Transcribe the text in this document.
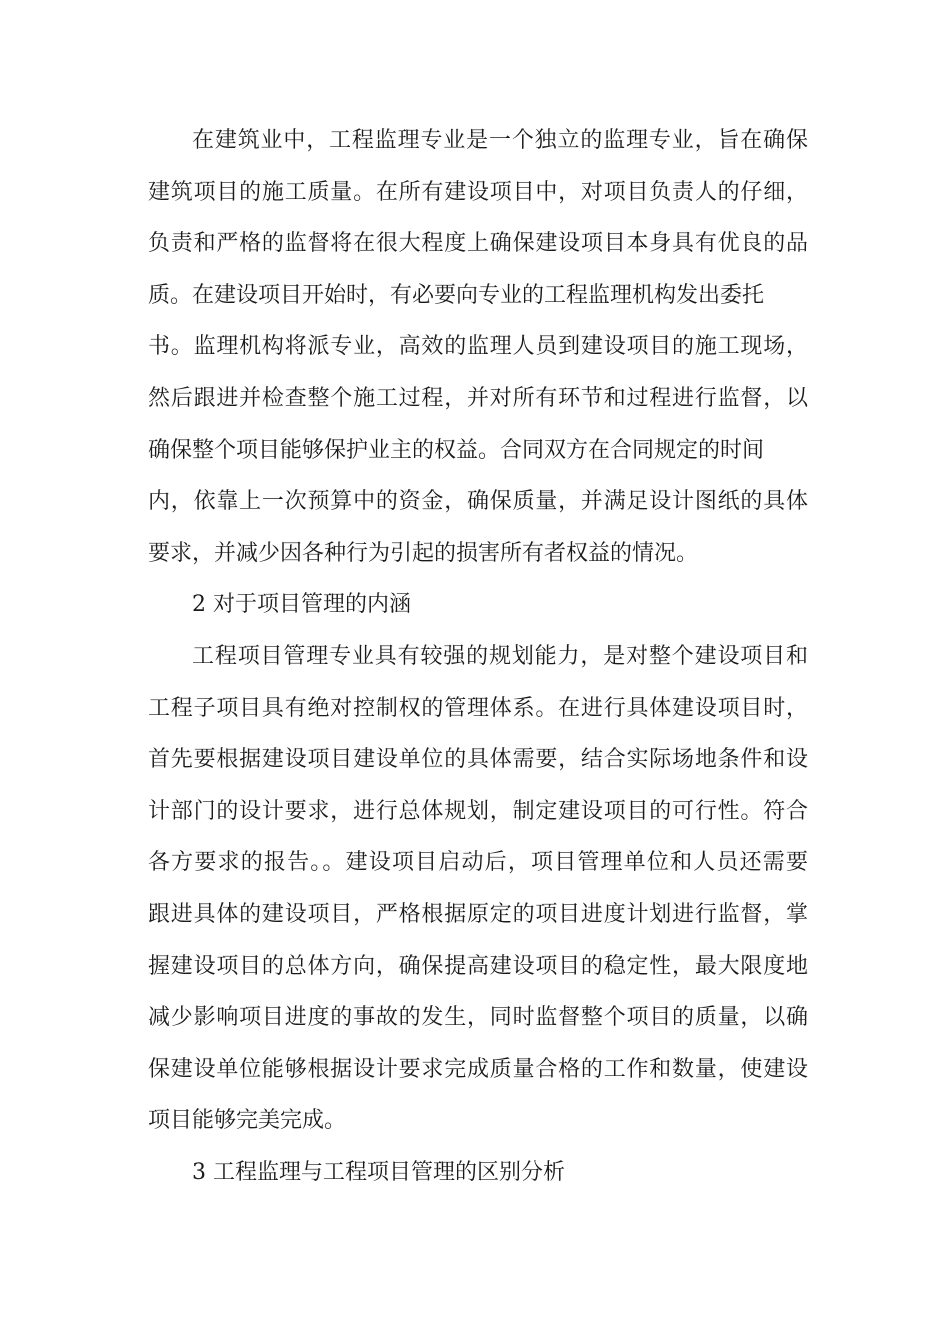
在建筑业中，工程监理专业是一个独立的监理专业，旨在确保
建筑项目的施工质量。在所有建设项目中，对项目负责人的仔细，
负责和严格的监督将在很大程度上确保建设项目本身具有优良的品
质。在建设项目开始时，有必要向专业的工程监理机构发出委托
书。监理机构将派专业，高效的监理人员到建设项目的施工现场，
然后跟进并检查整个施工过程，并对所有环节和过程进行监督，以
确保整个项目能够保护业主的权益。合同双方在合同规定的时间
内，依靠上一次预算中的资金，确保质量，并满足设计图纸的具体
要求，并减少因各种行为引起的损害所有者权益的情况。
2 对于项目管理的内涵
工程项目管理专业具有较强的规划能力，是对整个建设项目和
工程子项目具有绝对控制权的管理体系。在进行具体建设项目时，
首先要根据建设项目建设单位的具体需要，结合实际场地条件和设
计部门的设计要求，进行总体规划，制定建设项目的可行性。符合
各方要求的报告。。建设项目启动后，项目管理单位和人员还需要
跟进具体的建设项目，严格根据原定的项目进度计划进行监督，掌
握建设项目的总体方向，确保提高建设项目的稳定性，最大限度地
减少影响项目进度的事故的发生，同时监督整个项目的质量，以确
保建设单位能够根据设计要求完成质量合格的工作和数量，使建设
项目能够完美完成。
3 工程监理与工程项目管理的区别分析
